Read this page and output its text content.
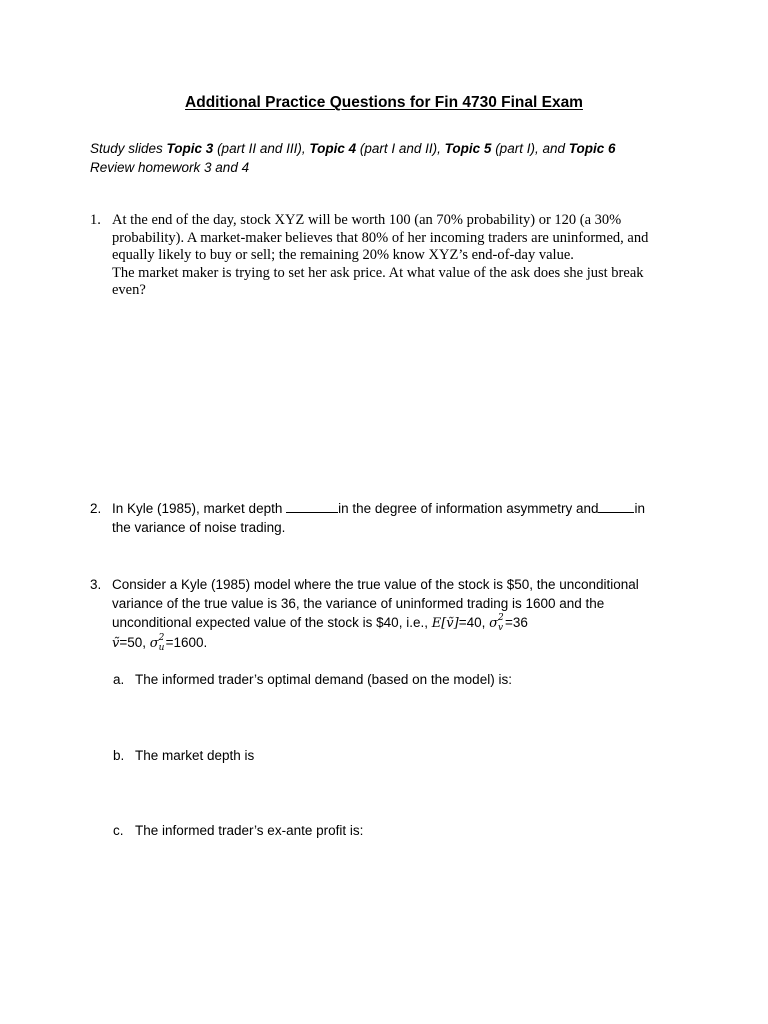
Additional Practice Questions for Fin 4730 Final Exam
Study slides Topic 3 (part II and III), Topic 4 (part I and II), Topic 5 (part I), and Topic 6
Review homework 3 and 4
1. At the end of the day, stock XYZ will be worth 100 (an 70% probability) or 120 (a 30%
probability). A market-maker believes that 80% of her incoming traders are uninformed, and
equally likely to buy or sell; the remaining 20% know XYZ’s end-of-day value.
The market maker is trying to set her ask price. At what value of the ask does she just break
even?
2. In Kyle (1985), market depth	in the degree of information asymmetry and	in
the variance of noise trading.
3. Consider a Kyle (1985) model where the true value of the stock is $50, the unconditional
variance of the true value is 36, the variance of uninformed trading is 1600 and the
unconditional expected value of the stock is $40, i.e., E[ṽ]=40, σ 2
v =36
ṽ=50, σ 2
u =1600.
a. The informed trader’s optimal demand (based on the model) is:
b. The market depth is
c. The informed trader’s ex-ante profit is:
